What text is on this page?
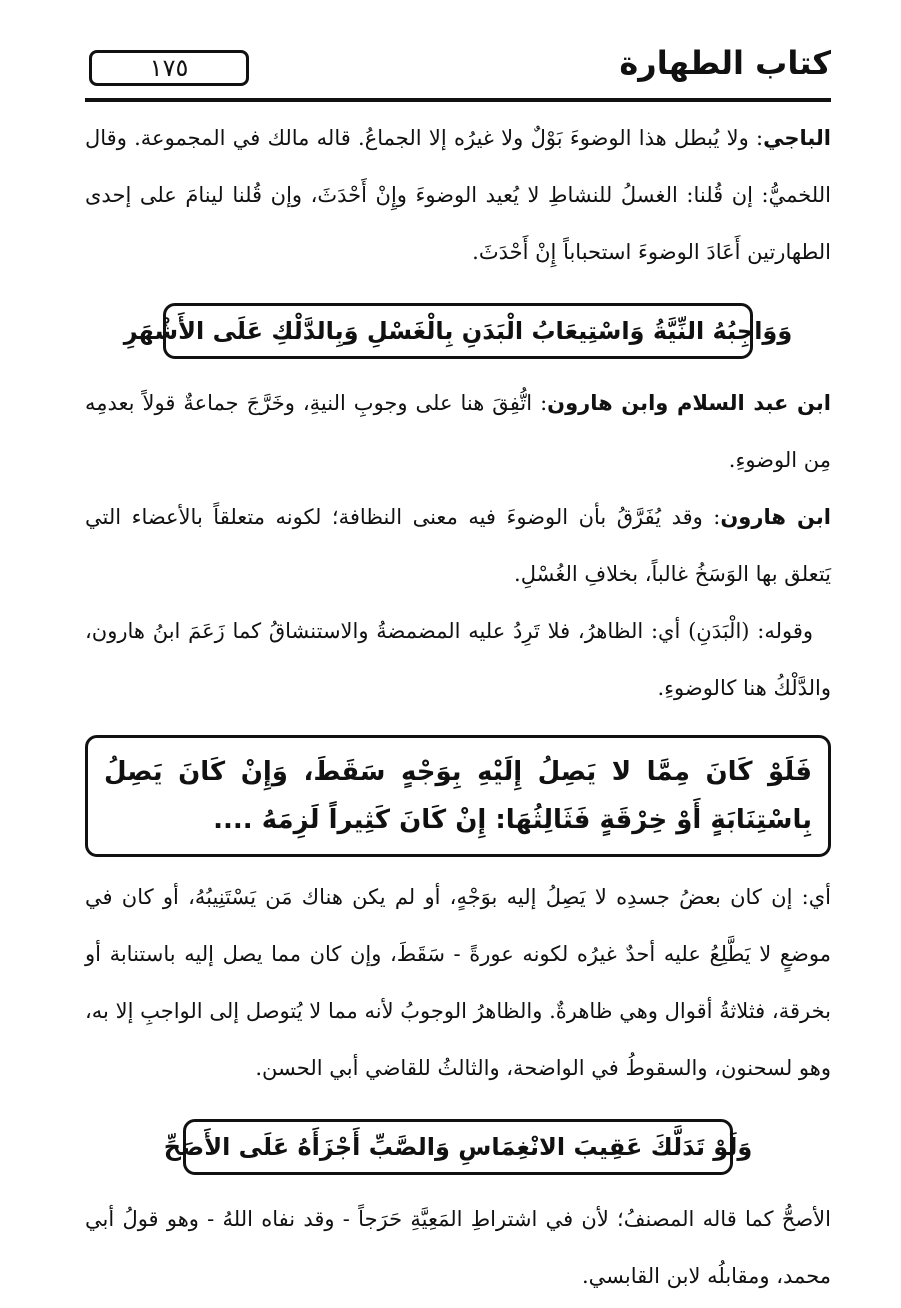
كتاب الطهارة
١٧٥

الباجي: ولا يُبطل هذا الوضوءَ بَوْلٌ ولا غيرُه إلا الجماعُ. قاله مالك في المجموعة. وقال اللخميُّ: إن قُلنا: الغسلُ للنشاطِ لا يُعيد الوضوءَ وإِنْ أَحْدَثَ، وإن قُلنا لينامَ على إحدى الطهارتين أَعَادَ الوضوءَ استحباباً إِنْ أَحْدَثَ.

وَوَاجِبُهُ النِّيَّةُ وَاسْتِيعَابُ الْبَدَنِ بِالْغَسْلِ وَبِالدَّلْكِ عَلَى الأَشْهَرِ

ابن عبد السلام وابن هارون: اتُّفِقَ هنا على وجوبِ النيةِ، وخَرَّجَ جماعةٌ قولاً بعدمِه مِن الوضوءِ.

ابن هارون: وقد يُفَرَّقُ بأن الوضوءَ فيه معنى النظافة؛ لكونه متعلقاً بالأعضاء التي يَتعلق بها الوَسَخُ غالباً، بخلافِ الغُسْلِ.

وقوله: (الْبَدَنِ) أي: الظاهرُ، فلا تَرِدُ عليه المضمضةُ والاستنشاقُ كما زَعَمَ ابنُ هارون، والدَّلْكُ هنا كالوضوءِ.

فَلَوْ كَانَ مِمَّا لا يَصِلُ إِلَيْهِ بِوَجْهٍ سَقَطَ، وَإِنْ كَانَ يَصِلُ بِاسْتِنَابَةٍ أَوْ خِرْقَةٍ فَثَالِثُهَا: إِنْ كَانَ كَثِيراً لَزِمَهُ ....

أي: إن كان بعضُ جسدِه لا يَصِلُ إليه بوَجْهٍ، أو لم يكن هناك مَن يَسْتَنِيبُهُ، أو كان في موضعٍ لا يَطَّلِعُ عليه أحدٌ غيرُه لكونه عورةً - سَقَطَ، وإن كان مما يصل إليه باستنابة أو بخرقة، فثلاثةُ أقوال وهي ظاهرةٌ. والظاهرُ الوجوبُ لأنه مما لا يُتوصل إلى الواجبِ إلا به، وهو لسحنون، والسقوطُ في الواضحة، والثالثُ للقاضي أبي الحسن.

وَلَوْ تَدَلَّكَ عَقِيبَ الانْغِمَاسِ وَالصَّبِّ أَجْزَأَهُ عَلَى الأَصَحِّ

الأصحُّ كما قاله المصنفُ؛ لأن في اشتراطِ المَعِيَّةِ حَرَجاً - وقد نفاه اللهُ - وهو قولُ أبي محمد، ومقابلُه لابن القابسي.
